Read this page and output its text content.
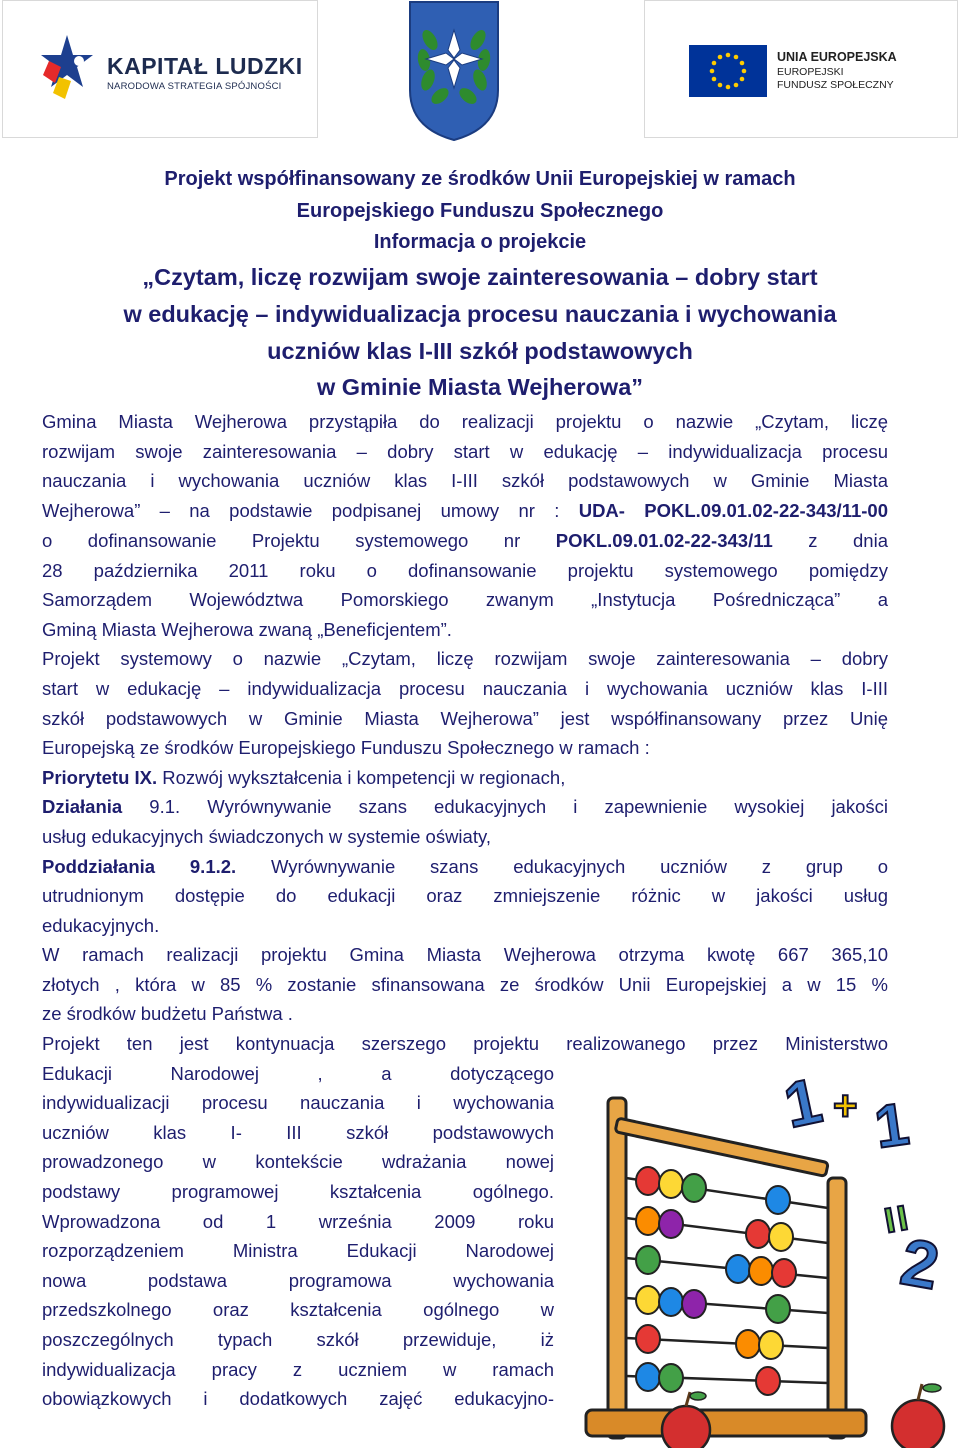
KAPITAŁ LUDZKI
NARODOWA STRATEGIA SPÓJNOŚCI
UNIA EUROPEJSKA
EUROPEJSKI
FUNDUSZ SPOŁECZNY
Projekt współfinansowany ze środków Unii Europejskiej w ramach
Europejskiego Funduszu Społecznego
Informacja o projekcie
„Czytam, liczę rozwijam swoje zainteresowania – dobry start
w edukację – indywidualizacja procesu nauczania i wychowania
uczniów klas I-III szkół podstawowych
w Gminie Miasta Wejherowa”
Gmina Miasta Wejherowa przystąpiła do realizacji projektu o nazwie „Czytam, liczę
rozwijam swoje zainteresowania – dobry start w edukację – indywidualizacja procesu
nauczania i wychowania uczniów klas I-III szkół podstawowych w Gminie Miasta
Wejherowa” – na podstawie podpisanej umowy nr : UDA- POKL.09.01.02-22-343/11-00
o dofinansowanie Projektu systemowego nr POKL.09.01.02-22-343/11 z dnia
28 października 2011 roku o dofinansowanie projektu systemowego pomiędzy
Samorządem Województwa Pomorskiego zwanym „Instytucja Pośrednicząca” a
Gminą Miasta Wejherowa zwaną „Beneficjentem”.
Projekt systemowy o nazwie „Czytam, liczę rozwijam swoje zainteresowania – dobry
start w edukację – indywidualizacja procesu nauczania i wychowania uczniów klas I-III
szkół podstawowych w Gminie Miasta Wejherowa” jest współfinansowany przez Unię
Europejską ze środków Europejskiego Funduszu Społecznego w ramach :
Priorytetu IX. Rozwój wykształcenia i kompetencji w regionach,
Działania 9.1. Wyrównywanie szans edukacyjnych i zapewnienie wysokiej jakości
usług edukacyjnych świadczonych w systemie oświaty,
Poddziałania 9.1.2. Wyrównywanie szans edukacyjnych uczniów z grup o
utrudnionym dostępie do edukacji oraz zmniejszenie różnic w jakości usług
edukacyjnych.
W ramach realizacji projektu Gmina Miasta Wejherowa otrzyma kwotę 667 365,10
złotych , która w 85 % zostanie sfinansowana ze środków Unii Europejskiej a w 15 %
ze środków budżetu Państwa .
Projekt ten jest kontynuacja szerszego projektu realizowanego przez Ministerstwo
Edukacji Narodowej , a dotyczącego
indywidualizacji procesu nauczania i wychowania
uczniów klas I- III szkół podstawowych
prowadzonego w kontekście wdrażania nowej
podstawy programowej kształcenia ogólnego.
Wprowadzona od 1 września 2009 roku
rozporządzeniem Ministra Edukacji Narodowej
nowa podstawa programowa wychowania
przedszkolnego oraz kształcenia ogólnego w
poszczególnych typach szkół przewiduje, iż
indywidualizacja pracy z uczniem w ramach
obowiązkowych i dodatkowych zajęć edukacyjno-
1 + 1
=
2
